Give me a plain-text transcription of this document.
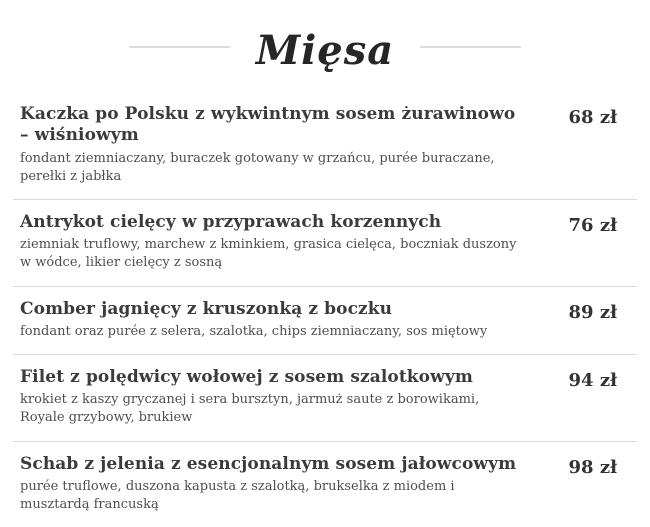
Mięsa
Kaczka po Polsku z wykwintnym sosem żurawinowo – wiśniowym

fondant ziemniaczany, buraczek gotowany w grzańcu, purée buraczane, perełki z jabłka

68 zł
Antrykot cielęcy w przyprawach korzennych

ziemniak truflowy, marchew z kminkiem, grasica cielęca, boczniak duszony w wódce, likier cielęcy z sosną

76 zł
Comber jagnięcy z kruszonką z boczku

fondant oraz purée z selera, szalotka, chips ziemniaczany, sos miętowy

89 zł
Filet z polędwicy wołowej z sosem szalotkowym

krokiet z kaszy gryczanej i sera bursztyn, jarmuż saute z borowikami, Royale grzybowy, brukiew

94 zł
Schab z jelenia z esencjonalnym sosem jałowcowym

purée truflowe, duszona kapusta z szalotką, brukselka z miodem i musztardą francuską

98 zł
